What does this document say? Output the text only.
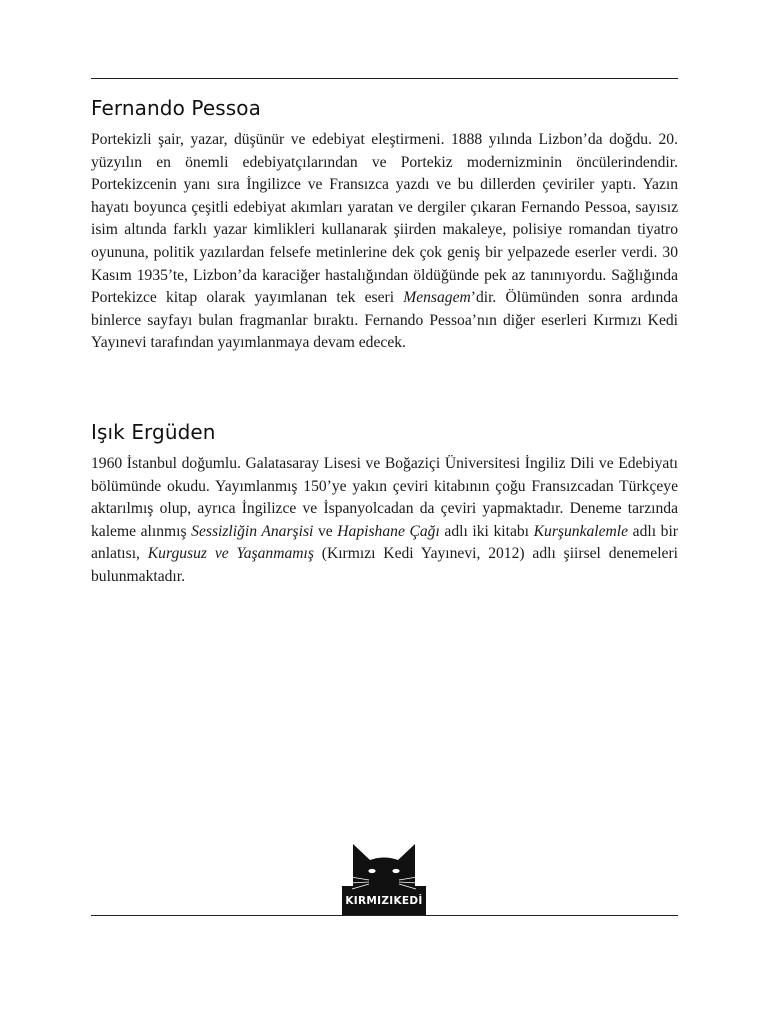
Fernando Pessoa

Portekizli şair, yazar, düşünür ve edebiyat eleştirmeni. 1888 yılında Lizbon’da doğdu. 20. yüzyılın en önemli edebiyatçılarından ve Portekiz modernizminin öncülerindendir. Portekizcenin yanı sıra İngilizce ve Fransızca yazdı ve bu dillerden çeviriler yaptı. Yazın hayatı boyunca çeşitli edebiyat akımları yaratan ve dergiler çıkaran Fernando Pessoa, sayısız isim altında farklı yazar kimlikleri kullanarak şiirden makaleye, polisiye romandan tiyatro oyununa, politik yazılardan felsefe metinlerine dek çok geniş bir yelpazede eserler verdi. 30 Kasım 1935’te, Lizbon’da karaciğer hastalığından öldüğünde pek az tanınıyordu. Sağlığında Portekizce kitap olarak yayımlanan tek eseri Mensagem’dir. Ölümünden sonra ardında binlerce sayfayı bulan fragmanlar bıraktı. Fernando Pessoa’nın diğer eserleri Kırmızı Kedi Yayınevi tarafından yayımlanmaya devam edecek.

Işık Ergüden

1960 İstanbul doğumlu. Galatasaray Lisesi ve Boğaziçi Üniversitesi İngiliz Dili ve Edebiyatı bölümünde okudu. Yayımlanmış 150’ye yakın çeviri kitabının çoğu Fransızcadan Türkçeye aktarılmış olup, ayrıca İngilizce ve İspanyolcadan da çeviri yapmaktadır. Deneme tarzında kaleme alınmış Sessizliğin Anarşisi ve Hapishane Çağı adlı iki kitabı Kurşunkalemle adlı bir anlatısı, Kurgusuz ve Yaşanmamış (Kırmızı Kedi Yayınevi, 2012) adlı şiirsel denemeleri bulunmaktadır.

KIRMIZIKEDİ
